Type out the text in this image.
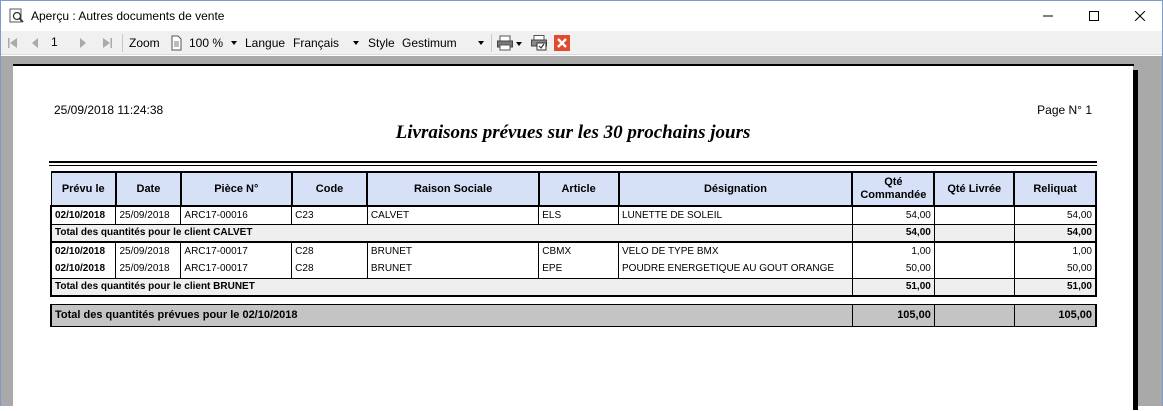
Aperçu : Autres documents de vente
1	Zoom 100 % Langue Français Style Gestimum
25/09/2018 11:24:38	Page N° 1
Livraisons prévues sur les 30 prochains jours
Prévu le	Date	Pièce N°	Code	Raison Sociale	Article	Désignation	Qté Commandée	Qté Livrée	Reliquat
02/10/2018	25/09/2018	ARC17-00016	C23	CALVET	ELS	LUNETTE DE SOLEIL	54,00		54,00
Total des quantités pour le client CALVET							54,00		54,00
02/10/2018	25/09/2018	ARC17-00017	C28	BRUNET	CBMX	VELO DE TYPE BMX	1,00		1,00
02/10/2018	25/09/2018	ARC17-00017	C28	BRUNET	EPE	POUDRE ENERGETIQUE AU GOUT ORANGE	50,00		50,00
Total des quantités pour le client BRUNET							51,00		51,00

Total des quantités prévues pour le 02/10/2018							105,00		105,00
